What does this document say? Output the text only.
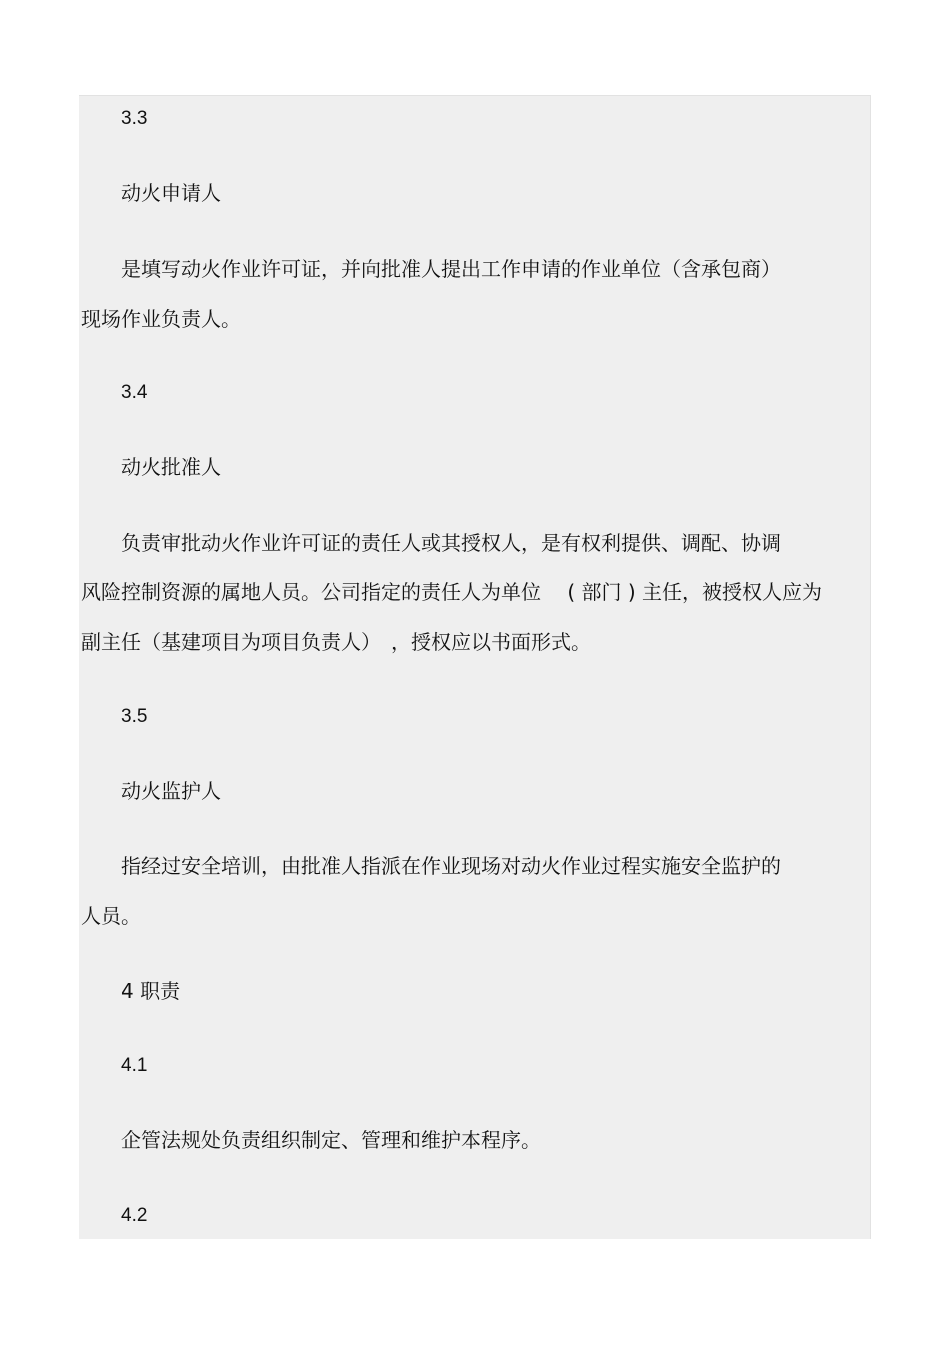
3.3
动火申请人
是填写动火作业许可证，并向批准人提出工作申请的作业单位（含承包商）
现场作业负责人。
3.4
动火批准人
负责审批动火作业许可证的责任人或其授权人，是有权利提供、调配、协调
风险控制资源的属地人员。公司指定的责任人为单位　 ( 部门 ) 主任，被授权人应为
副主任（基建项目为项目负责人）　，授权应以书面形式。
3.5
动火监护人
指经过安全培训，由批准人指派在作业现场对动火作业过程实施安全监护的
人员。
4 职责
4.1
企管法规处负责组织制定、管理和维护本程序。
4.2
